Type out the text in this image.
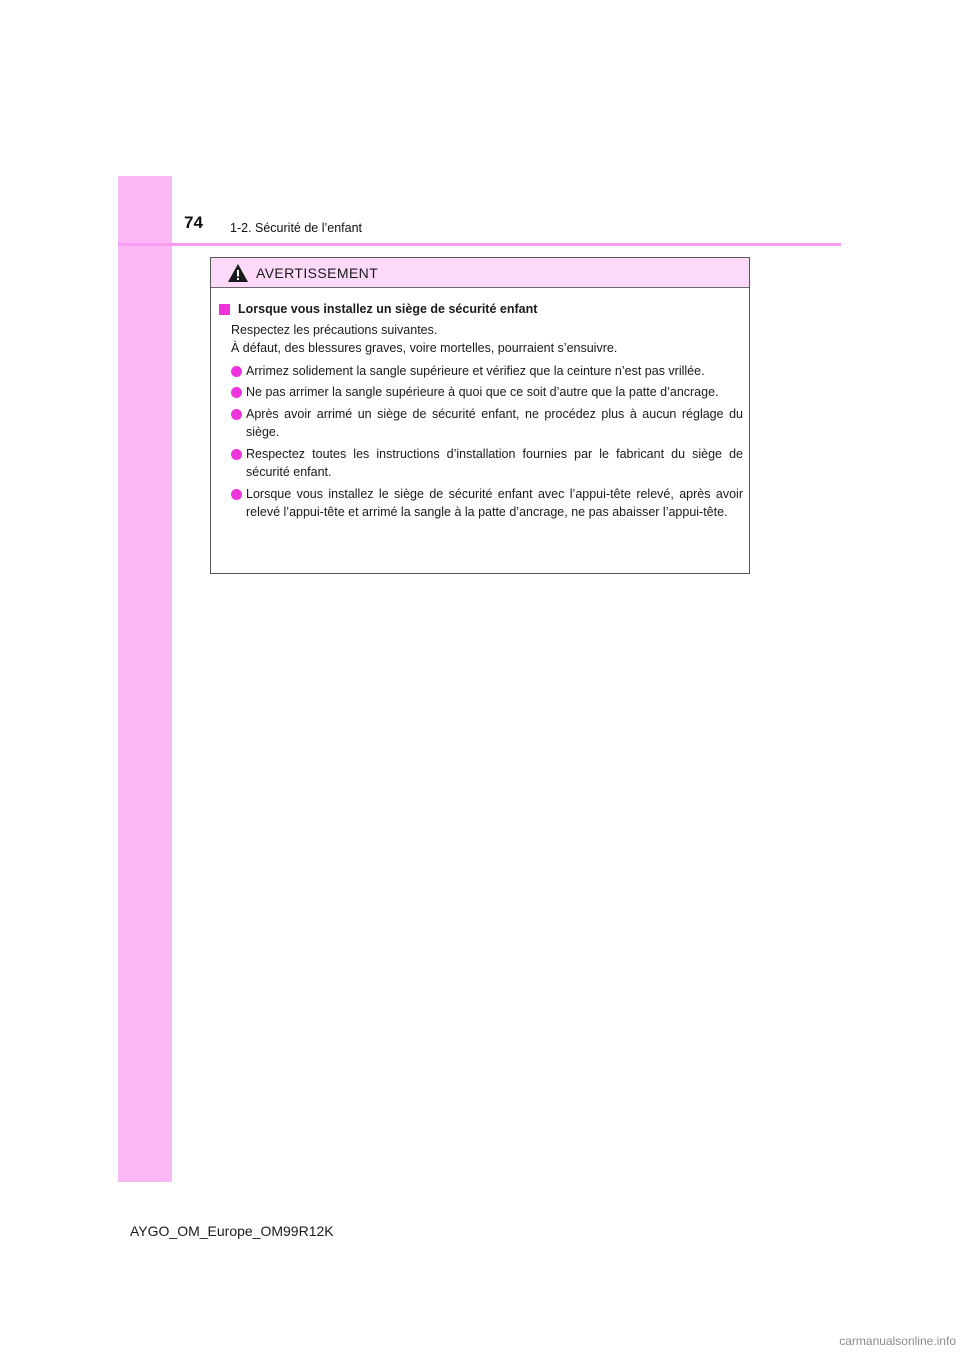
74 1-2. Sécurité de l’enfant
AVERTISSEMENT
Lorsque vous installez un siège de sécurité enfant

Respectez les précautions suivantes.

À défaut, des blessures graves, voire mortelles, pourraient s’ensuivre.

Arrimez solidement la sangle supérieure et vérifiez que la ceinture n’est pas vrillée.
Ne pas arrimer la sangle supérieure à quoi que ce soit d’autre que la patte d’ancrage.
Après avoir arrimé un siège de sécurité enfant, ne procédez plus à aucun réglage du siège.
Respectez toutes les instructions d’installation fournies par le fabricant du siège de sécurité enfant.
Lorsque vous installez le siège de sécurité enfant avec l’appui-tête relevé, après avoir relevé l’appui-tête et arrimé la sangle à la patte d’ancrage, ne pas abaisser l’appui-tête.
AYGO_OM_Europe_OM99R12K
carmanualsonline.info
